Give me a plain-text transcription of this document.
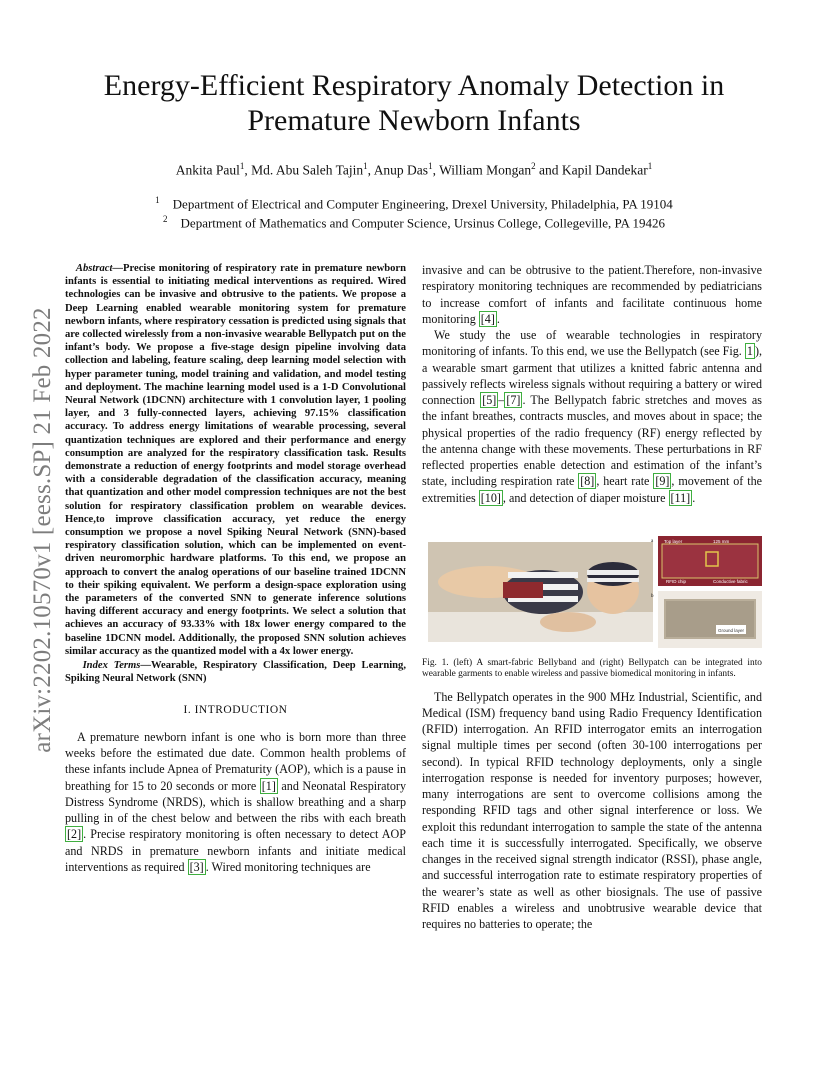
arXiv:2202.10570v1 [eess.SP] 21 Feb 2022
Energy-Efficient Respiratory Anomaly Detection in
Premature Newborn Infants
Ankita Paul$^1$, Md. Abu Saleh Tajin$^1$, Anup Das$^1$, William Mongan$^2$ and Kapil Dandekar$^1$
$^1$ Department of Electrical and Computer Engineering, Drexel University, Philadelphia, PA 19104
$^2$ Department of Mathematics and Computer Science, Ursinus College, Collegeville, PA 19426
Abstract—Precise monitoring of respiratory rate in premature newborn infants is essential to initiating medical interventions as required. Wired technologies can be invasive and obtrusive to the patients. We propose a Deep Learning enabled wearable monitoring system for premature newborn infants, where respiratory cessation is predicted using signals that are collected wirelessly from a non-invasive wearable Bellypatch put on the infant’s body. We propose a five-stage design pipeline involving data collection and labeling, feature scaling, deep learning model selection with hyper parameter tuning, model training and validation, and model testing and deployment. The machine learning model used is a 1-D Convolutional Neural Network (1DCNN) architecture with 1 convolution layer, 1 pooling layer, and 3 fully-connected layers, achieving 97.15% classification accuracy. To address energy limitations of wearable processing, several quantization techniques are explored and their performance and energy consumption are analyzed for the respiratory classification task. Results demonstrate a reduction of energy footprints and model storage overhead with a considerable degradation of the classification accuracy, meaning that quantization and other model compression techniques are not the best solution for respiratory classification problem on wearable devices. Hence,to improve classification accuracy, yet reduce the energy consumption we propose a novel Spiking Neural Network (SNN)-based respiratory classification solution, which can be implemented on event-driven neuromorphic hardware platforms. To this end, we propose an approach to convert the analog operations of our baseline trained 1DCNN to their spiking equivalent. We perform a design-space exploration using the parameters of the converted SNN to generate inference solutions having different accuracy and energy footprints. We select a solution that achieves an accuracy of 93.33% with 18x lower energy compared to the baseline 1DCNN model. Additionally, the proposed SNN solution achieves similar accuracy as the quantized model with a 4x lower energy.
Index Terms—Wearable, Respiratory Classification, Deep Learning, Spiking Neural Network (SNN)
I. INTRODUCTION

A premature newborn infant is one who is born more than three weeks before the estimated due date. Common health problems of these infants include Apnea of Prematurity (AOP), which is a pause in breathing for 15 to 20 seconds or more [1] and Neonatal Respiratory Distress Syndrome (NRDS), which is shallow breathing and a sharp pulling in of the chest below and between the ribs with each breath [2] . Precise respiratory monitoring is often necessary to detect AOP and NRDS in premature newborn infants and initiate medical interventions as required [3] . Wired monitoring techniques are

invasive and can be obtrusive to the patient.Therefore, non-invasive respiratory monitoring techniques are recommended by pediatricians to increase comfort of infants and facilitate continuous home monitoring [4] .

We study the use of wearable technologies in respiratory monitoring of infants. To this end, we use the Bellypatch (see Fig. 1 ), a wearable smart garment that utilizes a knitted fabric antenna and passively reflects wireless signals without requiring a battery or wired connection [5] – [7] . The Bellypatch fabric stretches and moves as the infant breathes, contracts muscles, and moves about in space; the physical properties of the radio frequency (RF) energy reflected by the antenna change with these movements. These perturbations in RF reflected properties enable detection and estimation of the infant’s state, including respiration rate [8] , heart rate [9] , movement of the extremities [10] , and detection of diaper moisture [11] .

Top layer	125 mm
RFID chip	Conductive fabric
Ground layer
a
b
Fig. 1. (left) A smart-fabric Bellyband and (right) Bellypatch can be integrated into wearable garments to enable wireless and passive biomedical monitoring in infants.

The Bellypatch operates in the 900 MHz Industrial, Scientific, and Medical (ISM) frequency band using Radio Frequency Identification (RFID) interrogation. An RFID interrogator emits an interrogation signal multiple times per second (often 30-100 interrogations per second). In typical RFID technology deployments, only a single interrogation response is needed for inventory purposes; however, many interrogations are sent to overcome collisions among the responding RFID tags and other signal interference or loss. We exploit this redundant interrogation to sample the state of the antenna each time it is successfully interrogated. Specifically, we observe changes in the received signal strength indicator (RSSI), phase angle, and successful interrogation rate to estimate respiratory properties of the wearer’s state as well as other biosignals. The use of passive RFID enables a wireless and unobtrusive wearable device that requires no batteries to operate; the
